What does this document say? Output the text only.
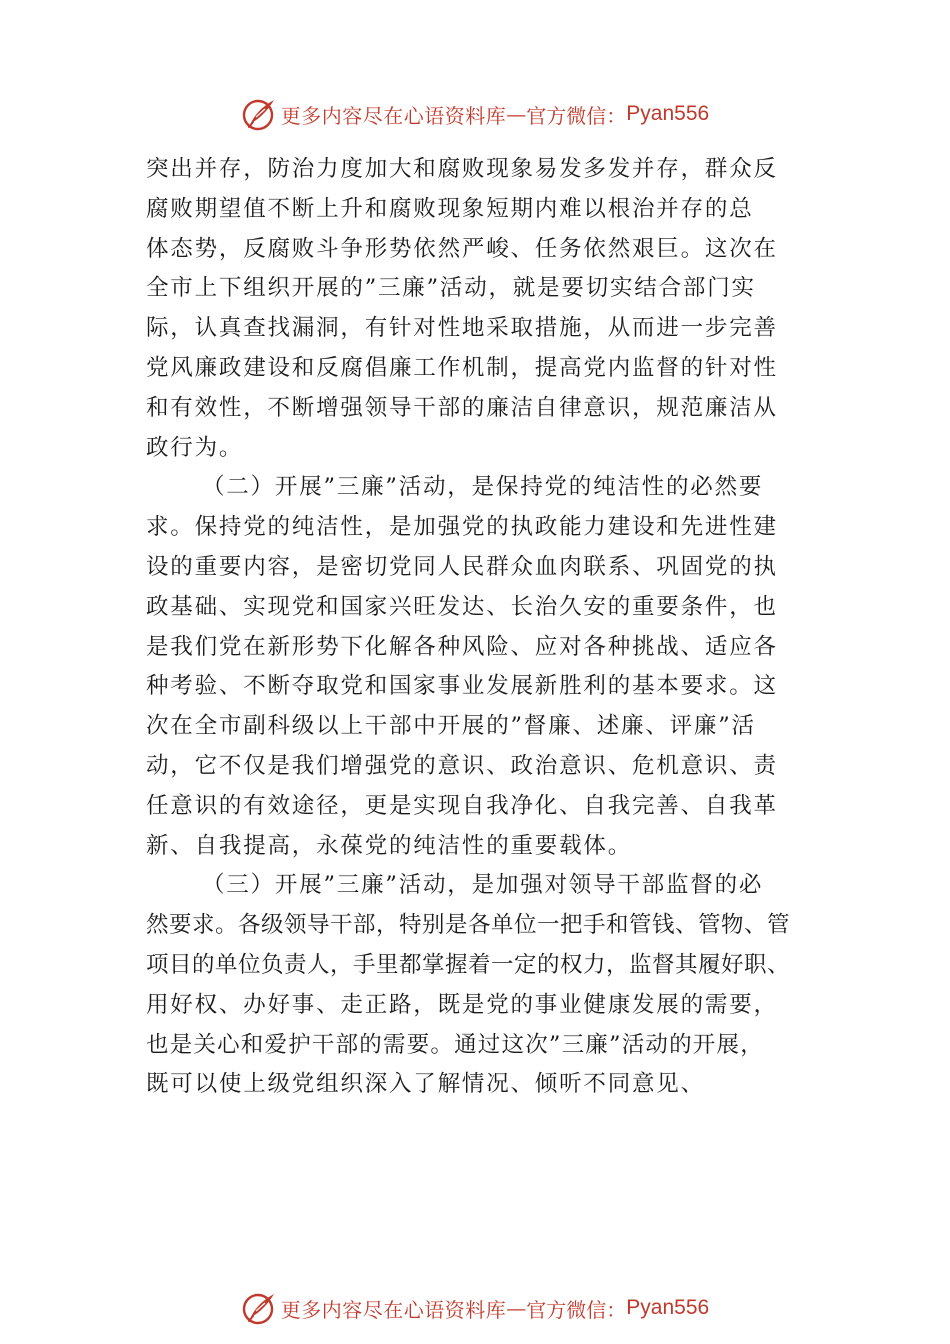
更多内容尽在心语资料库 — 官方微信： Pyan556
突出并存，防治力度加大和腐败现象易发多发并存，群众反
腐败期望值不断上升和腐败现象短期内难以根治并存的总
体态势，反腐败斗争形势依然严峻、任务依然艰巨。这次在
全市上下组织开展的”三廉”活动，就是要切实结合部门实
际，认真查找漏洞，有针对性地采取措施，从而进一步完善
党风廉政建设和反腐倡廉工作机制，提高党内监督的针对性
和有效性，不断增强领导干部的廉洁自律意识，规范廉洁从
政行为。
（二）开展”三廉”活动，是保持党的纯洁性的必然要
求。保持党的纯洁性，是加强党的执政能力建设和先进性建
设的重要内容，是密切党同人民群众血肉联系、巩固党的执
政基础、实现党和国家兴旺发达、长治久安的重要条件，也
是我们党在新形势下化解各种风险、应对各种挑战、适应各
种考验、不断夺取党和国家事业发展新胜利的基本要求。这
次在全市副科级以上干部中开展的”督廉、述廉、评廉”活
动，它不仅是我们增强党的意识、政治意识、危机意识、责
任意识的有效途径，更是实现自我净化、自我完善、自我革
新、自我提高，永葆党的纯洁性的重要载体。
（三）开展”三廉”活动，是加强对领导干部监督的必
然要求。各级领导干部，特别是各单位一把手和管钱、管物、管
项目的单位负责人，手里都掌握着一定的权力，监督其履好职、
用好权、办好事、走正路，既是党的事业健康发展的需要，
也是关心和爱护干部的需要。通过这次”三廉”活动的开展，
既可以使上级党组织深入了解情况、倾听不同意见、
更多内容尽在心语资料库 — 官方微信： Pyan556
